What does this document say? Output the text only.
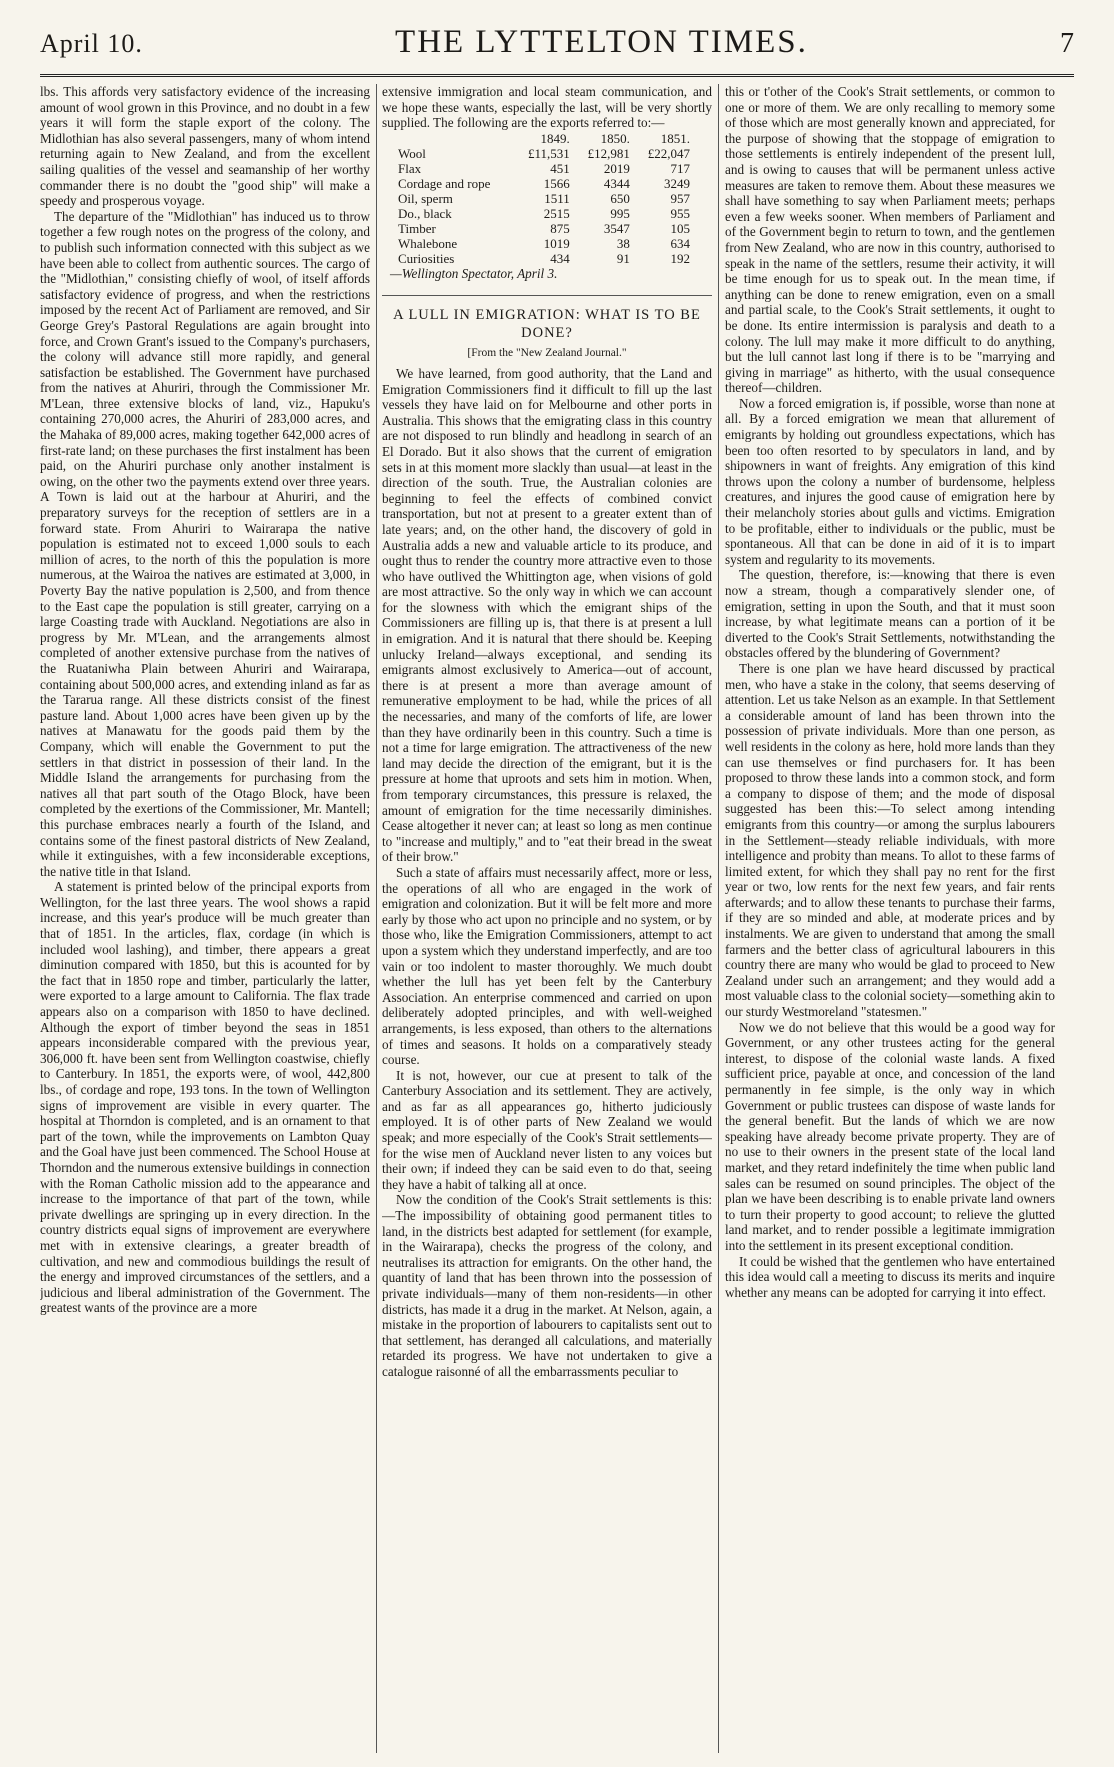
April 10.	THE LYTTELTON TIMES.	7

lbs. This affords very satisfactory evidence of the increasing amount of wool grown in this Province, and no doubt in a few years it will form the staple export of the colony. The Midlothian has also several passengers, many of whom intend returning again to New Zealand, and from the excellent sailing qualities of the vessel and seamanship of her worthy commander there is no doubt the "good ship" will make a speedy and prosperous voyage.

The departure of the "Midlothian" has induced us to throw together a few rough notes on the progress of the colony, and to publish such information connected with this subject as we have been able to collect from authentic sources. The cargo of the "Midlothian," consisting chiefly of wool, of itself affords satisfactory evidence of progress, and when the restrictions imposed by the recent Act of Parliament are removed, and Sir George Grey's Pastoral Regulations are again brought into force, and Crown Grant's issued to the Company's purchasers, the colony will advance still more rapidly, and general satisfaction be established. The Government have purchased from the natives at Ahuriri, through the Commissioner Mr. M'Lean, three extensive blocks of land, viz., Hapuku's containing 270,000 acres, the Ahuriri of 283,000 acres, and the Mahaka of 89,000 acres, making together 642,000 acres of first-rate land; on these purchases the first instalment has been paid, on the Ahuriri purchase only another instalment is owing, on the other two the payments extend over three years. A Town is laid out at the harbour at Ahuriri, and the preparatory surveys for the reception of settlers are in a forward state. From Ahuriri to Wairarapa the native population is estimated not to exceed 1,000 souls to each million of acres, to the north of this the population is more numerous, at the Wairoa the natives are estimated at 3,000, in Poverty Bay the native population is 2,500, and from thence to the East cape the population is still greater, carrying on a large Coasting trade with Auckland. Negotiations are also in progress by Mr. M'Lean, and the arrangements almost completed of another extensive purchase from the natives of the Ruataniwha Plain between Ahuriri and Wairarapa, containing about 500,000 acres, and extending inland as far as the Tararua range. All these districts consist of the finest pasture land. About 1,000 acres have been given up by the natives at Manawatu for the goods paid them by the Company, which will enable the Government to put the settlers in that district in possession of their land. In the Middle Island the arrangements for purchasing from the natives all that part south of the Otago Block, have been completed by the exertions of the Commissioner, Mr. Mantell; this purchase embraces nearly a fourth of the Island, and contains some of the finest pastoral districts of New Zealand, while it extinguishes, with a few inconsiderable exceptions, the native title in that Island.

A statement is printed below of the principal exports from Wellington, for the last three years. The wool shows a rapid increase, and this year's produce will be much greater than that of 1851. In the articles, flax, cordage (in which is included wool lashing), and timber, there appears a great diminution compared with 1850, but this is acounted for by the fact that in 1850 rope and timber, particularly the latter, were exported to a large amount to California. The flax trade appears also on a comparison with 1850 to have declined. Although the export of timber beyond the seas in 1851 appears inconsiderable compared with the previous year, 306,000 ft. have been sent from Wellington coastwise, chiefly to Canterbury. In 1851, the exports were, of wool, 442,800 lbs., of cordage and rope, 193 tons. In the town of Wellington signs of improvement are visible in every quarter. The hospital at Thorndon is completed, and is an ornament to that part of the town, while the improvements on Lambton Quay and the Goal have just been commenced. The School House at Thorndon and the numerous extensive buildings in connection with the Roman Catholic mission add to the appearance and increase to the importance of that part of the town, while private dwellings are springing up in every direction. In the country districts equal signs of improvement are everywhere met with in extensive clearings, a greater breadth of cultivation, and new and commodious buildings the result of the energy and improved circumstances of the settlers, and a judicious and liberal administration of the Government. The greatest wants of the province are a more

extensive immigration and local steam communication, and we hope these wants, especially the last, will be very shortly supplied. The following are the exports referred to:—

	1849.	1850.	1851.
Wool	£11,531	£12,981	£22,047
Flax	451	2019	717
Cordage and rope	1566	4344	3249
Oil, sperm	1511	650	957
Do., black	2515	995	955
Timber	875	3547	105
Whalebone	1019	38	634
Curiosities	434	91	192
—Wellington Spectator, April 3.
A LULL IN EMIGRATION: WHAT IS TO BE DONE?
[From the "New Zealand Journal."

We have learned, from good authority, that the Land and Emigration Commissioners find it difficult to fill up the last vessels they have laid on for Melbourne and other ports in Australia. This shows that the emigrating class in this country are not disposed to run blindly and headlong in search of an El Dorado. But it also shows that the current of emigration sets in at this moment more slackly than usual—at least in the direction of the south. True, the Australian colonies are beginning to feel the effects of combined convict transportation, but not at present to a greater extent than of late years; and, on the other hand, the discovery of gold in Australia adds a new and valuable article to its produce, and ought thus to render the country more attractive even to those who have outlived the Whittington age, when visions of gold are most attractive. So the only way in which we can account for the slowness with which the emigrant ships of the Commissioners are filling up is, that there is at present a lull in emigration. And it is natural that there should be. Keeping unlucky Ireland—always exceptional, and sending its emigrants almost exclusively to America—out of account, there is at present a more than average amount of remunerative employment to be had, while the prices of all the necessaries, and many of the comforts of life, are lower than they have ordinarily been in this country. Such a time is not a time for large emigration. The attractiveness of the new land may decide the direction of the emigrant, but it is the pressure at home that uproots and sets him in motion. When, from temporary circumstances, this pressure is relaxed, the amount of emigration for the time necessarily diminishes. Cease altogether it never can; at least so long as men continue to "increase and multiply," and to "eat their bread in the sweat of their brow."

Such a state of affairs must necessarily affect, more or less, the operations of all who are engaged in the work of emigration and colonization. But it will be felt more and more early by those who act upon no principle and no system, or by those who, like the Emigration Commissioners, attempt to act upon a system which they understand imperfectly, and are too vain or too indolent to master thoroughly. We much doubt whether the lull has yet been felt by the Canterbury Association. An enterprise commenced and carried on upon deliberately adopted principles, and with well-weighed arrangements, is less exposed, than others to the alternations of times and seasons. It holds on a comparatively steady course.

It is not, however, our cue at present to talk of the Canterbury Association and its settlement. They are actively, and as far as all appearances go, hitherto judiciously employed. It is of other parts of New Zealand we would speak; and more especially of the Cook's Strait settlements—for the wise men of Auckland never listen to any voices but their own; if indeed they can be said even to do that, seeing they have a habit of talking all at once.

Now the condition of the Cook's Strait settlements is this:—The impossibility of obtaining good permanent titles to land, in the districts best adapted for settlement (for example, in the Wairarapa), checks the progress of the colony, and neutralises its attraction for emigrants. On the other hand, the quantity of land that has been thrown into the possession of private individuals—many of them non-residents—in other districts, has made it a drug in the market. At Nelson, again, a mistake in the proportion of labourers to capitalists sent out to that settlement, has deranged all calculations, and materially retarded its progress. We have not undertaken to give a catalogue raisonné of all the embarrassments peculiar to

this or t'other of the Cook's Strait settlements, or common to one or more of them. We are only recalling to memory some of those which are most generally known and appreciated, for the purpose of showing that the stoppage of emigration to those settlements is entirely independent of the present lull, and is owing to causes that will be permanent unless active measures are taken to remove them. About these measures we shall have something to say when Parliament meets; perhaps even a few weeks sooner. When members of Parliament and of the Government begin to return to town, and the gentlemen from New Zealand, who are now in this country, authorised to speak in the name of the settlers, resume their activity, it will be time enough for us to speak out. In the mean time, if anything can be done to renew emigration, even on a small and partial scale, to the Cook's Strait settlements, it ought to be done. Its entire intermission is paralysis and death to a colony. The lull may make it more difficult to do anything, but the lull cannot last long if there is to be "marrying and giving in marriage" as hitherto, with the usual consequence thereof—children.

Now a forced emigration is, if possible, worse than none at all. By a forced emigration we mean that allurement of emigrants by holding out groundless expectations, which has been too often resorted to by speculators in land, and by shipowners in want of freights. Any emigration of this kind throws upon the colony a number of burdensome, helpless creatures, and injures the good cause of emigration here by their melancholy stories about gulls and victims. Emigration to be profitable, either to individuals or the public, must be spontaneous. All that can be done in aid of it is to impart system and regularity to its movements.

The question, therefore, is:—knowing that there is even now a stream, though a comparatively slender one, of emigration, setting in upon the South, and that it must soon increase, by what legitimate means can a portion of it be diverted to the Cook's Strait Settlements, notwithstanding the obstacles offered by the blundering of Government?

There is one plan we have heard discussed by practical men, who have a stake in the colony, that seems deserving of attention. Let us take Nelson as an example. In that Settlement a considerable amount of land has been thrown into the possession of private individuals. More than one person, as well residents in the colony as here, hold more lands than they can use themselves or find purchasers for. It has been proposed to throw these lands into a common stock, and form a company to dispose of them; and the mode of disposal suggested has been this:—To select among intending emigrants from this country—or among the surplus labourers in the Settlement—steady reliable individuals, with more intelligence and probity than means. To allot to these farms of limited extent, for which they shall pay no rent for the first year or two, low rents for the next few years, and fair rents afterwards; and to allow these tenants to purchase their farms, if they are so minded and able, at moderate prices and by instalments. We are given to understand that among the small farmers and the better class of agricultural labourers in this country there are many who would be glad to proceed to New Zealand under such an arrangement; and they would add a most valuable class to the colonial society—something akin to our sturdy Westmoreland "statesmen."

Now we do not believe that this would be a good way for Government, or any other trustees acting for the general interest, to dispose of the colonial waste lands. A fixed sufficient price, payable at once, and concession of the land permanently in fee simple, is the only way in which Government or public trustees can dispose of waste lands for the general benefit. But the lands of which we are now speaking have already become private property. They are of no use to their owners in the present state of the local land market, and they retard indefinitely the time when public land sales can be resumed on sound principles. The object of the plan we have been describing is to enable private land owners to turn their property to good account; to relieve the glutted land market, and to render possible a legitimate immigration into the settlement in its present exceptional condition.

It could be wished that the gentlemen who have entertained this idea would call a meeting to discuss its merits and inquire whether any means can be adopted for carrying it into effect.
